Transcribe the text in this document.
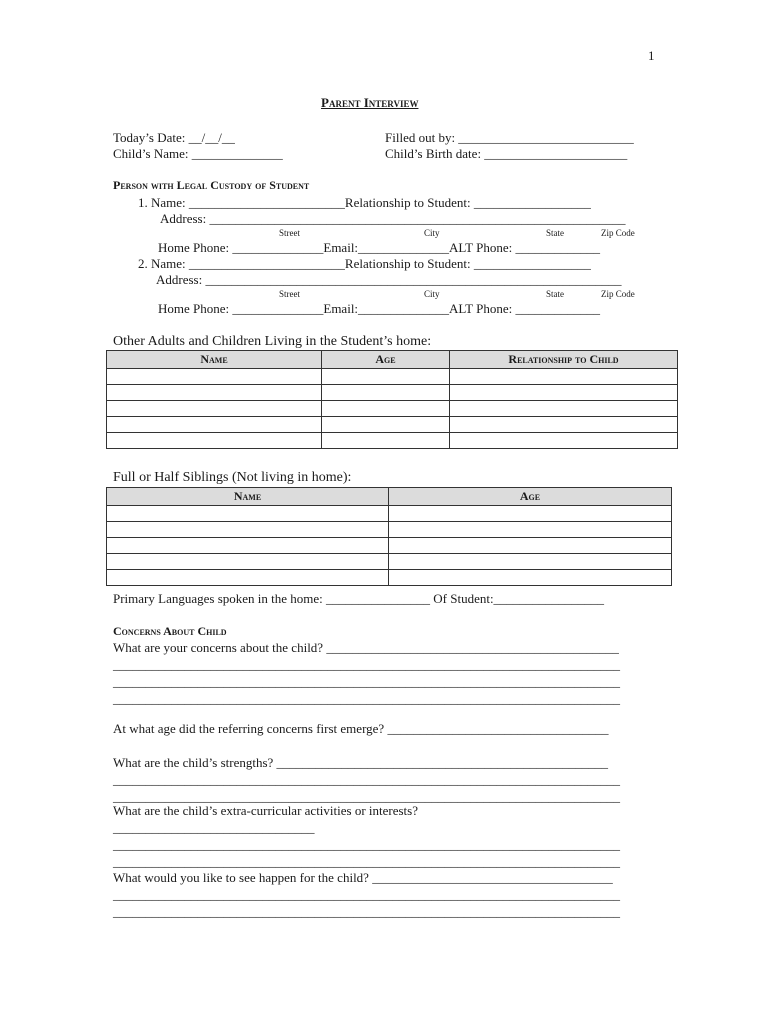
1
Parent Interview
Today’s Date: __/__/__
Child’s Name: ______________
Filled out by: ___________________________
Child’s Birth date: ______________________
Person with Legal Custody of Student
1. Name: ________________________Relationship to Student: __________________
Address: ________________________________________________________________
Street	City	State	Zip Code
Home Phone: ______________Email:______________ALT Phone: _____________
2. Name: ________________________Relationship to Student: __________________
Address: ________________________________________________________________
Street	City	State	Zip Code
Home Phone: ______________Email:______________ALT Phone: _____________
Other Adults and Children Living in the Student’s home:
Name	Age	Relationship to Child

Full or Half Siblings (Not living in home):
Name	Age

Primary Languages spoken in the home: ________________ Of Student:_________________
Concerns About Child
What are your concerns about the child? _____________________________________________
______________________________________________________________________________
______________________________________________________________________________
______________________________________________________________________________
At what age did the referring concerns first emerge? __________________________________
What are the child’s strengths? ___________________________________________________
______________________________________________________________________________
______________________________________________________________________________
What are the child’s extra-curricular activities or interests?
_______________________________
______________________________________________________________________________
______________________________________________________________________________
What would you like to see happen for the child? _____________________________________
______________________________________________________________________________
______________________________________________________________________________
